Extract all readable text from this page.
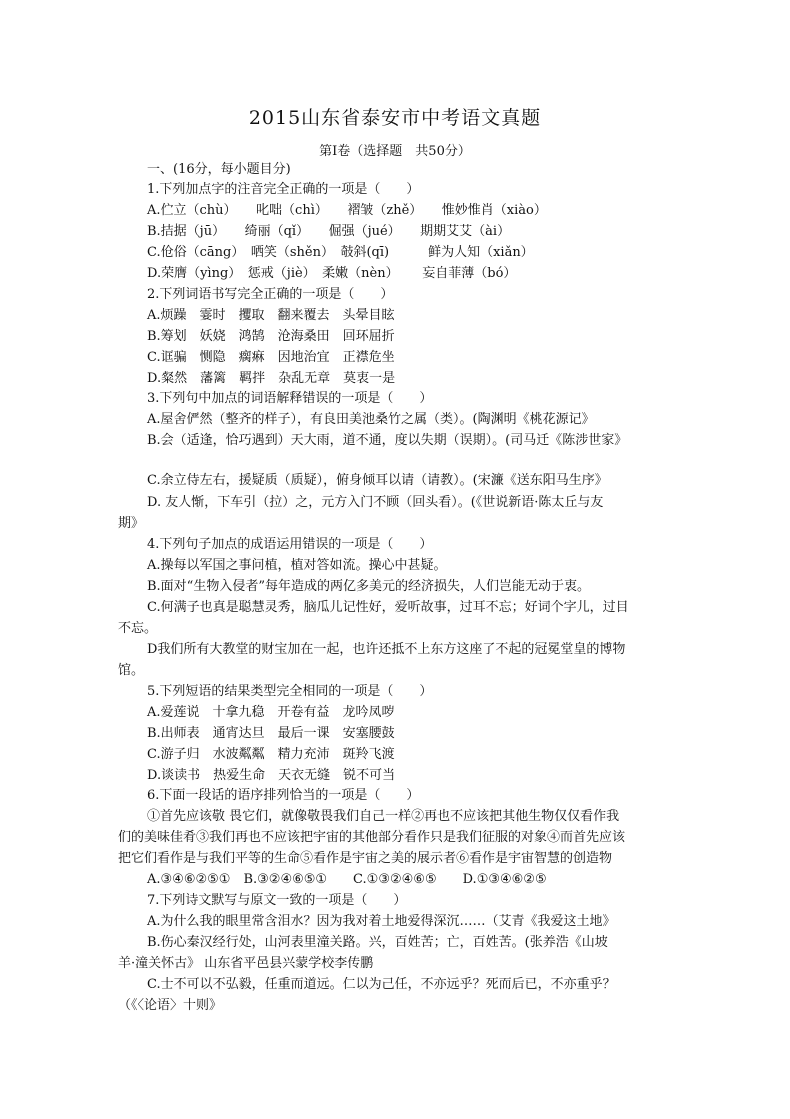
2015山东省泰安市中考语文真题
第Ⅰ卷（选择题　共50分）
一、(16分，每小题目分)
1.下列加点字的注音完全正确的一项是（　　）
A.伫立（chù）　　叱咄（chì）　　褶皱（zhě）　　惟妙惟肖（xiào）
B.拮据（jū）　　绮丽（qǐ）　　倔强（jué）　　期期艾艾（ài）
C.伧俗（cāng）　哂笑（shěn）　攲斜(qī)　　　鲜为人知（xiǎn）
D.荣膺（yìng）　惩戒（jiè）　柔嫩（nèn）　　 妄自菲薄（bó）
2.下列词语书写完全正确的一项是（　　）
A.烦躁　霎时　攫取　翻来覆去　头晕目眩
B.筹划　妖娆　鸿鹄　沧海桑田　回环屈折
C.诓骗　恻隐　瘸痳　因地治宜　正襟危坐
D.粲然　藩篱　羁拌　杂乱无章　莫衷一是
3.下列句中加点的词语解释错误的一项是（　　）
A.屋舍俨然（整齐的样子），有良田美池桑竹之属（类）。(陶渊明《桃花源记》
B.会（适逢，恰巧遇到）天大雨，道不通，度以失期（误期）。(司马迁《陈涉世家》
C.余立侍左右，援疑质（质疑），俯身倾耳以请（请教）。(宋濂《送东阳马生序》
D. 友人惭，下车引（拉）之，元方入门不顾（回头看）。(《世说新语·陈太丘与友
期》
4.下列句子加点的成语运用错误的一项是（　　）
A.操每以军国之事问植，植对答如流。操心中甚疑。
B.面对“生物入侵者”每年造成的两亿多美元的经济损失，人们岂能无动于衷。
C.何满子也真是聪慧灵秀，脑瓜儿记性好，爱听故事，过耳不忘；好词个字儿，过目
不忘。
D我们所有大教堂的财宝加在一起，也许还抵不上东方这座了不起的冠冕堂皇的博物
馆。
5.下列短语的结果类型完全相同的一项是（　　）
A.爱莲说　十拿九稳　开卷有益　龙吟凤哕
B.出师表　通宵达旦　最后一课　安塞腰鼓
C.游子归　水波粼粼　精力充沛　斑羚飞渡
D.谈读书　热爱生命　天衣无缝　锐不可当
6.下面一段话的语序排列恰当的一项是（　　）
①首先应该敬 畏它们，就像敬畏我们自己一样②再也不应该把其他生物仅仅看作我
们的美味佳肴③我们再也不应该把宇宙的其他部分看作只是我们征服的对象④而首先应该
把它们看作是与我们平等的生命⑤看作是宇宙之美的展示者⑥看作是宇宙智慧的创造物
A.③④⑥②⑤①　B.③②④⑥⑤①　　C.①③②④⑥⑤　　D.①③④⑥②⑤
7.下列诗文默写与原文一致的一项是（　　）
A.为什么我的眼里常含泪水？因为我对着土地爱得深沉……（艾青《我爱这土地》
B.伤心秦汉经行处，山河表里潼关路。兴，百姓苦；亡，百姓苦。(张养浩《山坡
羊·潼关怀古》 山东省平邑县兴蒙学校李传鹏
C.士不可以不弘毅，任重而道远。仁以为己任，不亦远乎？死而后已，不亦重乎？
（《〈论语〉十则》
